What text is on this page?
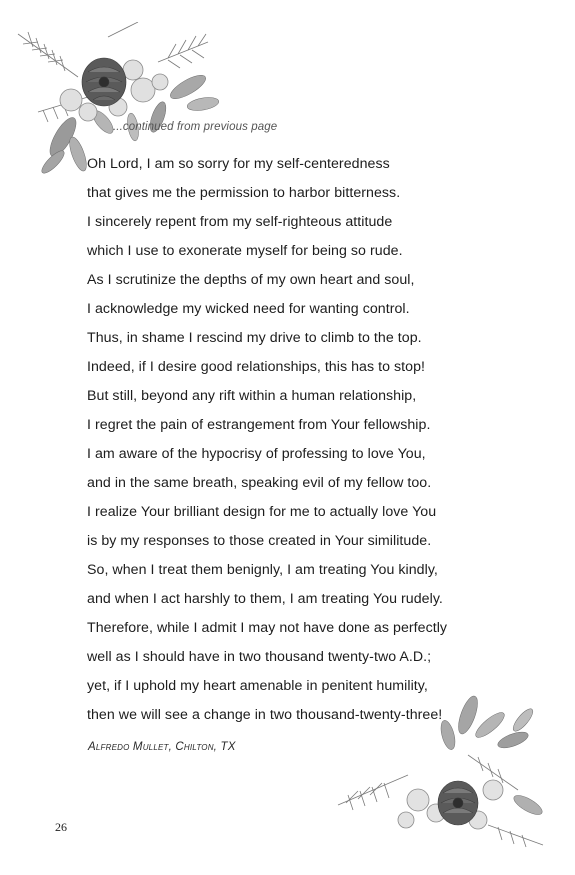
...continued from previous page
Oh Lord, I am so sorry for my self-centeredness
that gives me the permission to harbor bitterness.
I sincerely repent from my self-righteous attitude
which I use to exonerate myself for being so rude.
As I scrutinize the depths of my own heart and soul,
I acknowledge my wicked need for wanting control.
Thus, in shame I rescind my drive to climb to the top.
Indeed, if I desire good relationships, this has to stop!
But still, beyond any rift within a human relationship,
I regret the pain of estrangement from Your fellowship.
I am aware of the hypocrisy of professing to love You,
and in the same breath, speaking evil of my fellow too.
I realize Your brilliant design for me to actually love You
is by my responses to those created in Your similitude.
So, when I treat them benignly, I am treating You kindly,
and when I act harshly to them, I am treating You rudely.
Therefore, while I admit I may not have done as perfectly
well as I should have in two thousand twenty-two A.D.;
yet, if I uphold my heart amenable in penitent humility,
then we will see a change in two thousand-twenty-three!
Alfredo Mullet, Chilton, TX
26
